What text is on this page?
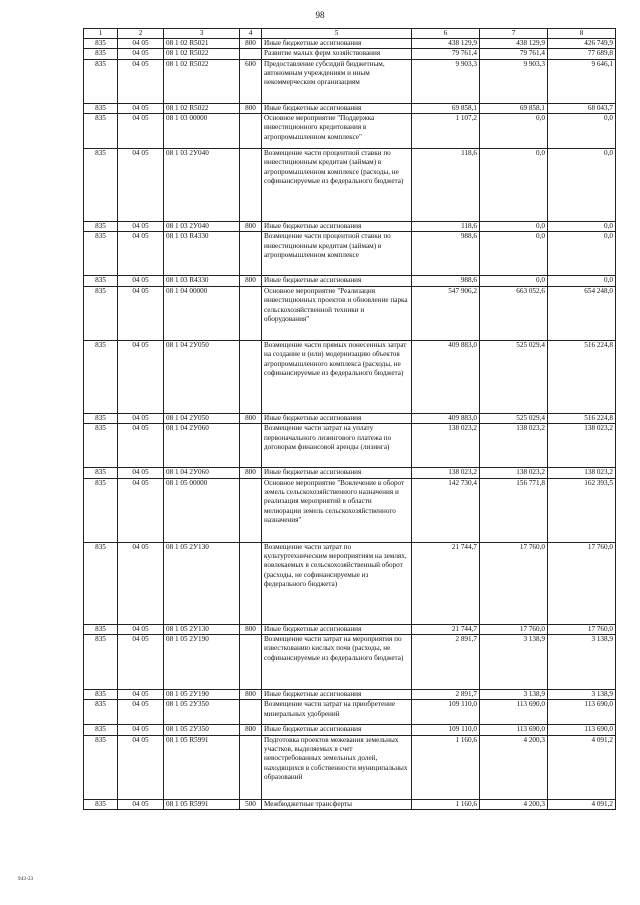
98
1	2	3	4	5	6	7	8
835	04 05	08 1 02 R5021	800	Иные бюджетные ассигнования	438 129,9	438 129,9	426 749,9
835	04 05	08 1 02 R5022		Развитие малых ферм хозяйствования	79 761,4	79 761,4	77 689,8
835	04 05	08 1 02 R5022	600	Предоставление субсидий бюджетным, автономным учреждениям и иным некоммерческим организациям	9 903,3	9 903,3	9 646,1
835	04 05	08 1 02 R5022	800	Иные бюджетные ассигнования	69 858,1	69 858,1	68 043,7
835	04 05	08 1 03 00000		Основное мероприятие "Поддержка инвестиционного кредитования в агропромышленном комплексе"	1 107,2	0,0	0,0
835	04 05	08 1 03 2У040		Возмещение части процентной ставки по инвестиционным кредитам (займам) в агропромышленном комплексе (расходы, не софинансируемые из федерального бюджета)	118,6	0,0	0,0
835	04 05	08 1 03 2У040	800	Иные бюджетные ассигнования	118,6	0,0	0,0
835	04 05	08 1 03 R4330		Возмещение части процентной ставки по инвестиционным кредитам (займам) в агропромышленном комплексе	988,6	0,0	0,0
835	04 05	08 1 03 R4330	800	Иные бюджетные ассигнования	988,6	0,0	0,0
835	04 05	08 1 04 00000		Основное мероприятие "Реализация инвестиционных проектов и обновление парка сельскохозяйственной техники и оборудования"	547 906,2	663 052,6	654 248,0
835	04 05	08 1 04 2У050		Возмещение части прямых понесенных затрат на создание и (или) модернизацию объектов агропромышленного комплекса (расходы, не софинансируемые из федерального бюджета)	409 883,0	525 029,4	516 224,8
835	04 05	08 1 04 2У050	800	Иные бюджетные ассигнования	409 883,0	525 029,4	516 224,8
835	04 05	08 1 04 2У060		Возмещение части затрат на уплату первоначального лизингового платежа по договорам финансовой аренды (лизинга)	138 023,2	138 023,2	138 023,2
835	04 05	08 1 04 2У060	800	Иные бюджетные ассигнования	138 023,2	138 023,2	138 023,2
835	04 05	08 1 05 00000		Основное мероприятие "Вовлечение в оборот земель сельскохозяйственного назначения и реализация мероприятий в области мелиорации земель сельскохозяйственного назначения"	142 730,4	156 771,8	162 393,5
835	04 05	08 1 05 2У130		Возмещение части затрат по культуртехническим мероприятиям на землях, вовлекаемых в сельскохозяйственный оборот (расходы, не софинансируемые из федерального бюджета)	21 744,7	17 760,0	17 760,0
835	04 05	08 1 05 2У130	800	Иные бюджетные ассигнования	21 744,7	17 760,0	17 760,0
835	04 05	08 1 05 2У190		Возмещение части затрат на мероприятия по известкованию кислых почв (расходы, не софинансируемые из федерального бюджета)	2 891,7	3 138,9	3 138,9
835	04 05	08 1 05 2У190	800	Иные бюджетные ассигнования	2 891,7	3 138,9	3 138,9
835	04 05	08 1 05 2У350		Возмещение части затрат на приобретение минеральных удобрений	109 110,0	113 690,0	113 690,0
835	04 05	08 1 05 2У350	800	Иные бюджетные ассигнования	109 110,0	113 690,0	113 690,0
835	04 05	08 1 05 R5991		Подготовка проектов межевания земельных участков, выделяемых в счет невостребованных земельных долей, находящихся в собственности муниципальных образований	1 160,6	4 200,3	4 091,2
835	04 05	08 1 05 R5991	500	Межбюджетные трансферты	1 160,6	4 200,3	4 091,2
943-23
